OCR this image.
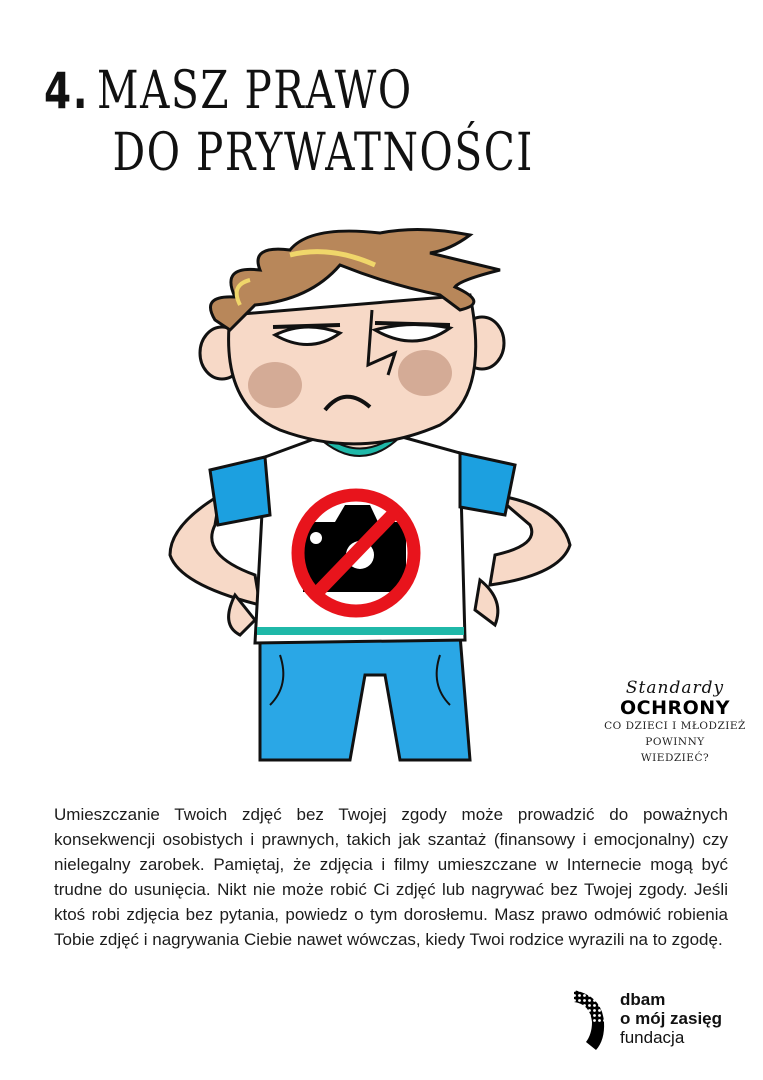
4. MASZ PRAWO
DO PRYWATNOŚCI
Standardy
OCHRONY
CO DZIECI I MŁODZIEŻ
POWINNY
WIEDZIEĆ?
Umieszczanie Twoich zdjęć bez Twojej zgody może prowadzić do poważnych konsekwencji osobistych i prawnych, takich jak szantaż (finansowy i emocjonalny) czy nielegalny zarobek. Pamiętaj, że zdjęcia i filmy umieszczane w Internecie mogą być trudne do usunięcia. Nikt nie może robić Ci zdjęć lub nagrywać bez Twojej zgody. Jeśli ktoś robi zdjęcia bez pytania, powiedz o tym dorosłemu. Masz prawo odmówić robienia Tobie zdjęć i nagrywania Ciebie nawet wówczas, kiedy Twoi rodzice wyrazili na to zgodę.
dbam
o mój zasięg
fundacja
